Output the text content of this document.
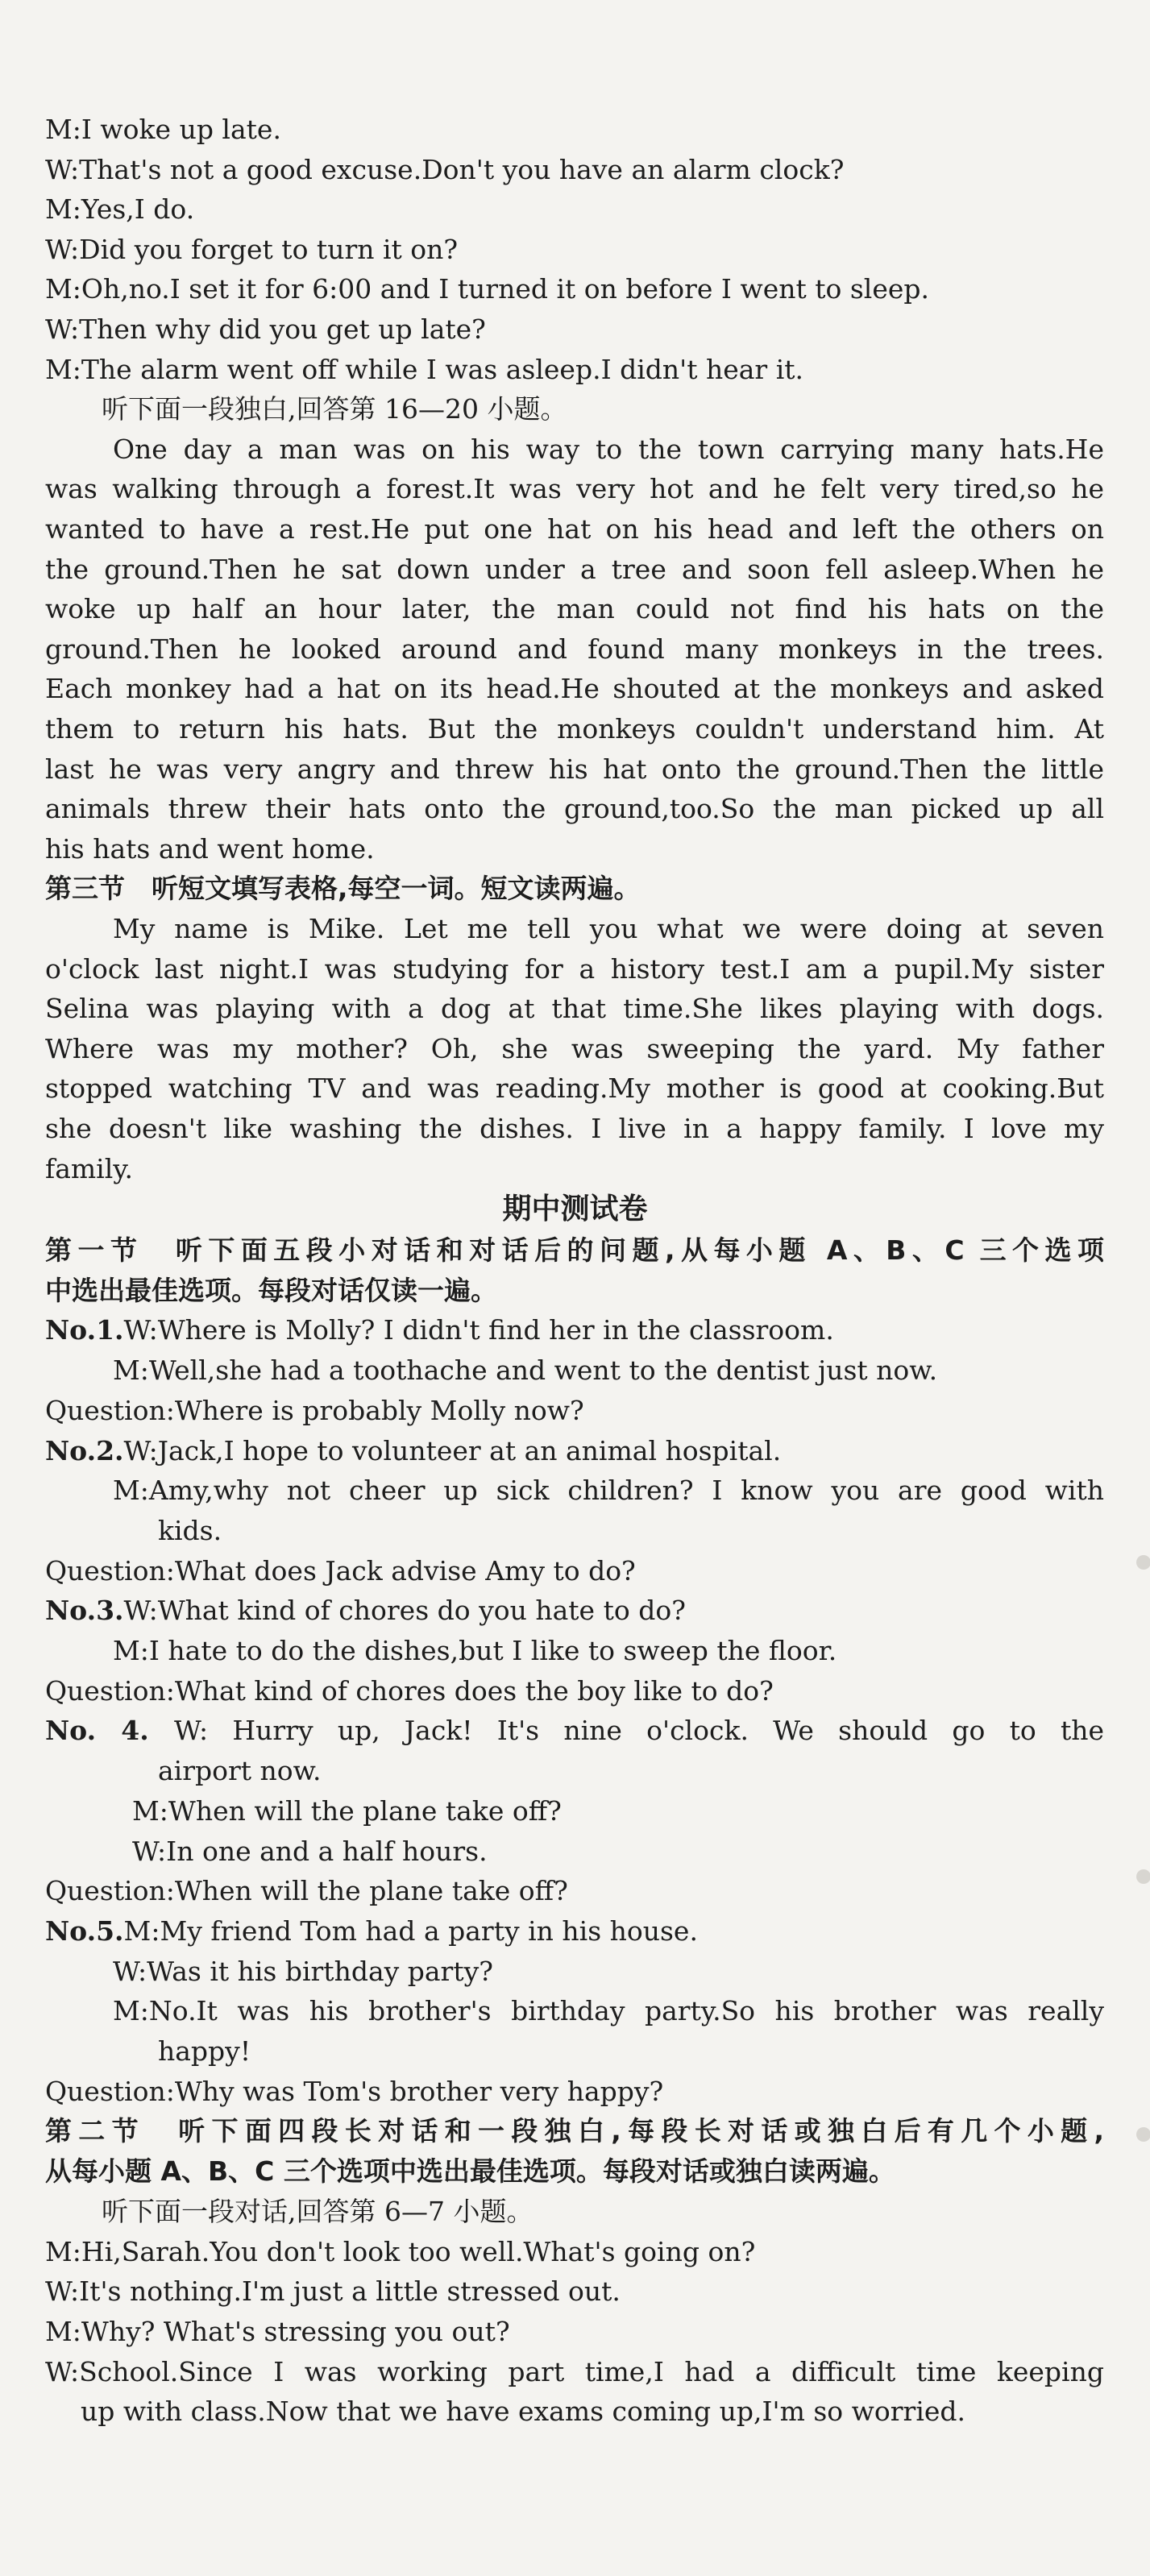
M:I woke up late.
W:That's not a good excuse.Don't you have an alarm clock?
M:Yes,I do.
W:Did you forget to turn it on?
M:Oh,no.I set it for 6:00 and I turned it on before I went to sleep.
W:Then why did you get up late?
M:The alarm went off while I was asleep.I didn't hear it.
听下面一段独白,回答第 16—20 小题。
One day a man was on his way to the town carrying many hats.He
was walking through a forest.It was very hot and he felt very tired,so he
wanted to have a rest.He put one hat on his head and left the others on
the ground.Then he sat down under a tree and soon fell asleep.When he
woke up half an hour later, the man could not find his hats on the
ground.Then he looked around and found many monkeys in the trees.
Each monkey had a hat on its head.He shouted at the monkeys and asked
them to return his hats. But the monkeys couldn't understand him. At
last he was very angry and threw his hat onto the ground.Then the little
animals threw their hats onto the ground,too.So the man picked up all
his hats and went home.
第三节　听短文填写表格,每空一词。短文读两遍。
My name is Mike. Let me tell you what we were doing at seven
o'clock last night.I was studying for a history test.I am a pupil.My sister
Selina was playing with a dog at that time.She likes playing with dogs.
Where was my mother? Oh, she was sweeping the yard. My father
stopped watching TV and was reading.My mother is good at cooking.But
she doesn't like washing the dishes. I live in a happy family. I love my
family.
期中测试卷
第一节　听下面五段小对话和对话后的问题,从每小题 A、B、C 三个选项
中选出最佳选项。每段对话仅读一遍。
No.1.W:Where is Molly? I didn't find her in the classroom.
M:Well,she had a toothache and went to the dentist just now.
Question:Where is probably Molly now?
No.2.W:Jack,I hope to volunteer at an animal hospital.
M:Amy,why not cheer up sick children? I know you are good with
kids.
Question:What does Jack advise Amy to do?
No.3.W:What kind of chores do you hate to do?
M:I hate to do the dishes,but I like to sweep the floor.
Question:What kind of chores does the boy like to do?
No. 4. W: Hurry up, Jack! It's nine o'clock. We should go to the
airport now.
M:When will the plane take off?
W:In one and a half hours.
Question:When will the plane take off?
No.5.M:My friend Tom had a party in his house.
W:Was it his birthday party?
M:No.It was his brother's birthday party.So his brother was really
happy!
Question:Why was Tom's brother very happy?
第二节　听下面四段长对话和一段独白,每段长对话或独白后有几个小题,
从每小题 A、B、C 三个选项中选出最佳选项。每段对话或独白读两遍。
听下面一段对话,回答第 6—7 小题。
M:Hi,Sarah.You don't look too well.What's going on?
W:It's nothing.I'm just a little stressed out.
M:Why? What's stressing you out?
W:School.Since I was working part time,I had a difficult time keeping
up with class.Now that we have exams coming up,I'm so worried.
